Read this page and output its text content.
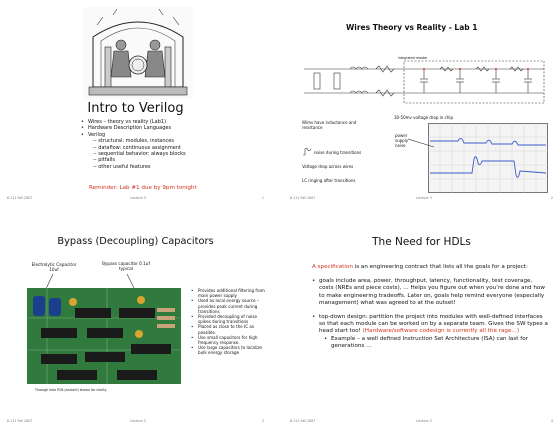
Intro to Verilog
• Wires – theory vs reality (Lab1)
• Hardware Description Languages
• Verilog
-- structural: modules, instances
-- dataflow: continuous assignment
-- sequential behavior: always blocks
-- pitfalls
-- other useful features
Reminder: Lab #1 due by 9pm tonight
6.111 Fall 2007	Lecture 3	1
Wires Theory vs Reality - Lab 1
integrated resistor
30-50mv voltage drop in chip
Wires have inductance and resistance
noise during transitions
Voltage drop across wires
LC ringing after transitions
power
supply
noise
6.111 Fall 2007	Lecture 3	2
Bypass (Decoupling) Capacitors
Electrolytic Capacitor 10uf
Bypass capacitor 0.1uf typical
Through hole PCB (ancient) shown for clarity.
• Provides additional filtering from main power supply
• Used as local energy source – provides peak current during transitions
• Provided decoupling of noise spikes during transitions
• Placed as close to the IC as possible.
• Use small capacitors for high frequency response.
• Use large capacitors to localize bulk energy storage
6.111 Fall 2007	Lecture 3	3
The Need for HDLs
A specification is an engineering contract that lists all the goals for a project:
• goals include area, power, throughput, latency, functionality, test coverage, costs (NREs and piece costs), … Helps you figure out when you’re done and how to make engineering tradeoffs. Later on, goals help remind everyone (especially management) what was agreed to at the outset!
• top-down design: partition the project into modules with well-defined interfaces so that each module can be worked on by a separate team. Gives the SW types a head start too! (Hardware/software codesign is currently all the rage…)
• Example – a well defined Instruction Set Architecture (ISA) can last for generations …
6.111 Fall 2007	Lecture 3	4
